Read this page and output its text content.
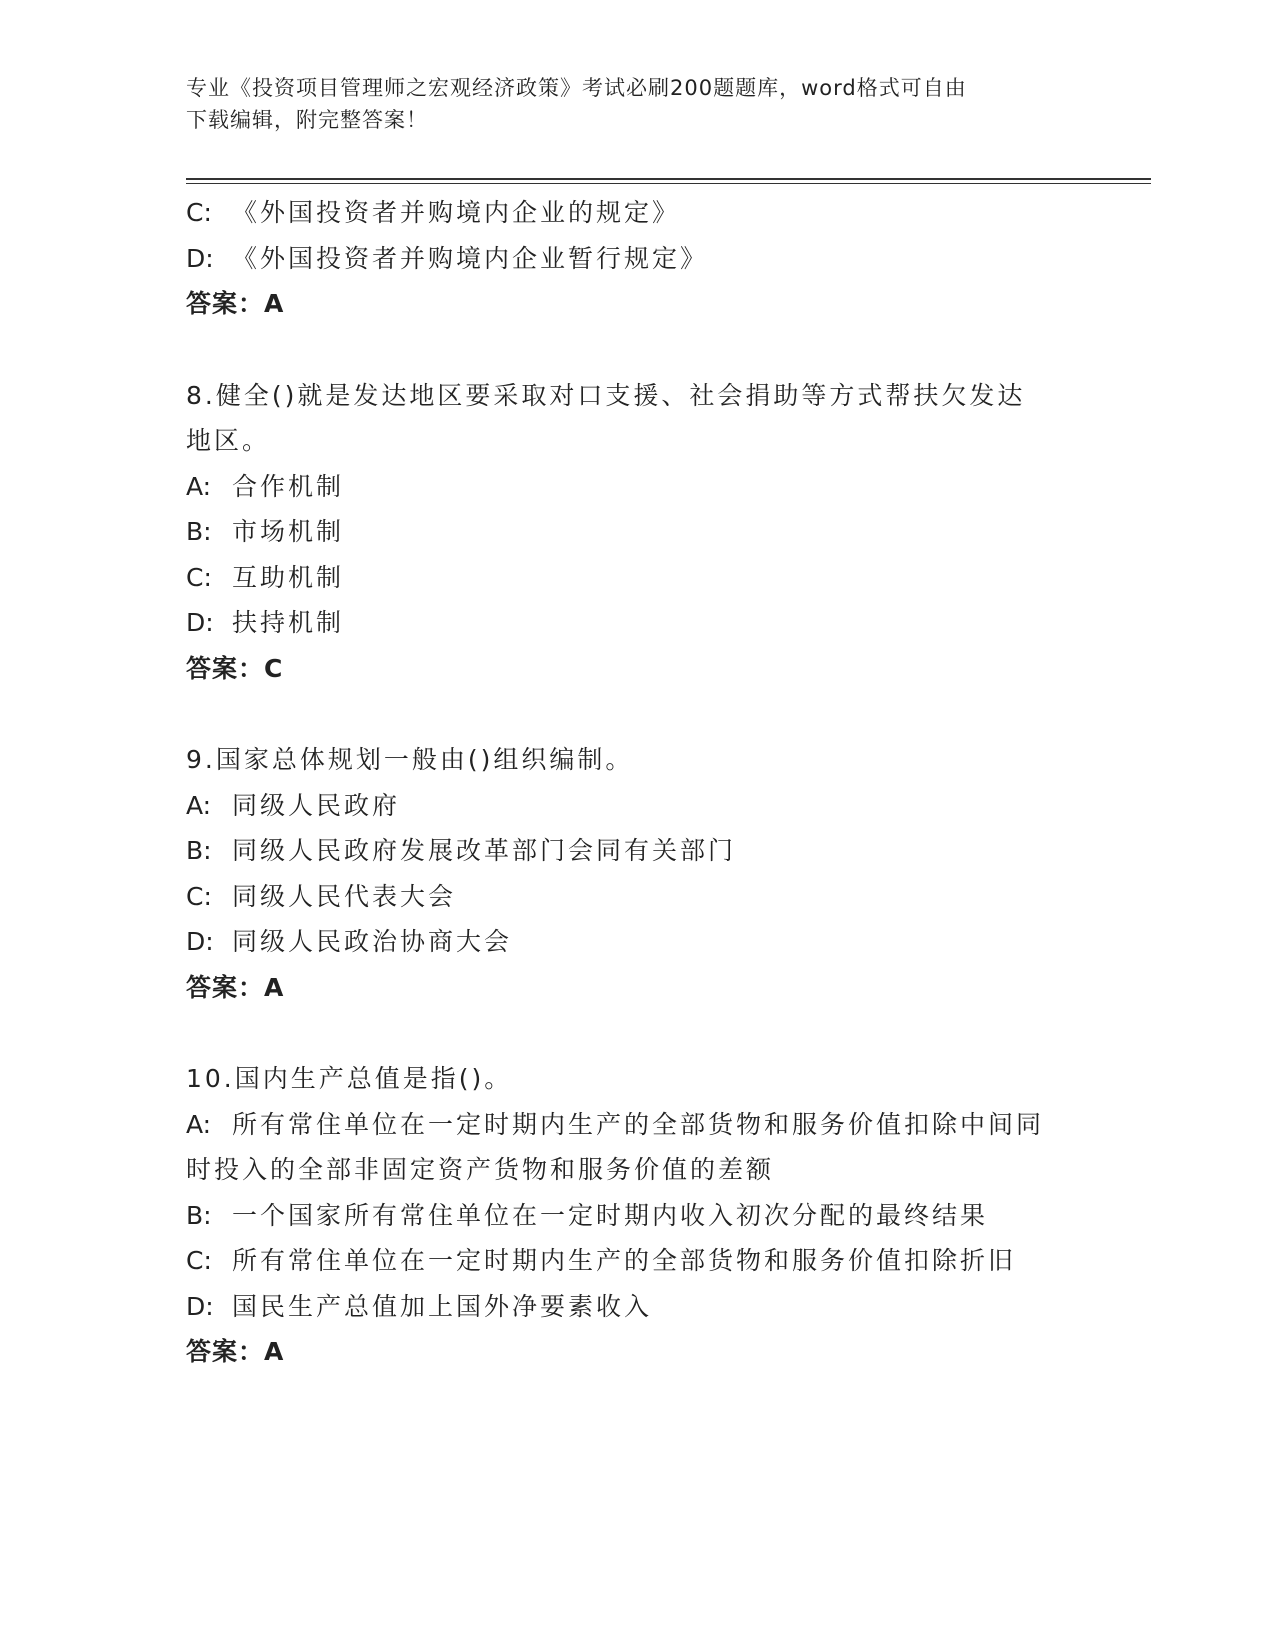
专业《投资项目管理师之宏观经济政策》考试必刷200题题库，word格式可自由
下载编辑，附完整答案！
C: 《外国投资者并购境内企业的规定》
D: 《外国投资者并购境内企业暂行规定》
答案：A
8.健全()就是发达地区要采取对口支援、社会捐助等方式帮扶欠发达
地区。
A: 合作机制
B: 市场机制
C: 互助机制
D: 扶持机制
答案：C
9.国家总体规划一般由()组织编制。
A: 同级人民政府
B: 同级人民政府发展改革部门会同有关部门
C: 同级人民代表大会
D: 同级人民政治协商大会
答案：A
10.国内生产总值是指()。
A: 所有常住单位在一定时期内生产的全部货物和服务价值扣除中间同
时投入的全部非固定资产货物和服务价值的差额
B: 一个国家所有常住单位在一定时期内收入初次分配的最终结果
C: 所有常住单位在一定时期内生产的全部货物和服务价值扣除折旧
D: 国民生产总值加上国外净要素收入
答案：A
